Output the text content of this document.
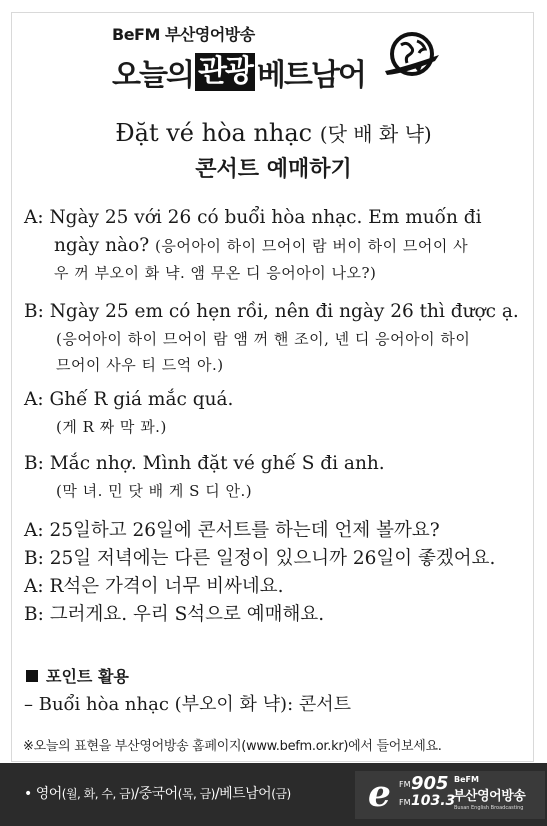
BeFM 부산영어방송
오늘의 관광 베트남어
Đặt vé hòa nhạc (닷 배 화 냑)
콘서트 예매하기
A: Ngày 25 với 26 có buổi hòa nhạc. Em muốn đi
ngày nào? (응어아이 하이 므어이 람 버이 하이 므어이 사
우 꺼 부오이 화 냑. 앰 무온 디 응어아이 나오?)
B: Ngày 25 em có hẹn rồi, nên đi ngày 26 thì được ạ.
(응어아이 하이 므어이 람 앰 꺼 핸 조이, 넨 디 응어아이 하이
므어이 사우 티 드억 아.)
A: Ghế R giá mắc quá.
(게 R 짜 막 꽈.)
B: Mắc nhợ. Mình đặt vé ghế S đi anh.
(막 녀. 민 닷 배 게 S 디 안.)
A: 25일하고 26일에 콘서트를 하는데 언제 볼까요?
B: 25일 저녁에는 다른 일정이 있으니까 26일이 좋겠어요.
A: R석은 가격이 너무 비싸네요.
B: 그러게요. 우리 S석으로 예매해요.
포인트 활용
– Buổi hòa nhạc (부오이 화 냑): 콘서트
※오늘의 표현을 부산영어방송 홈페이지(www.befm.or.kr)에서 들어보세요.
• 영어(월, 화, 수, 금)/중국어(목, 금)/베트남어(금) e FM
FM
905
103.3
BeFM
부산영어방송
Busan English Broadcasting
